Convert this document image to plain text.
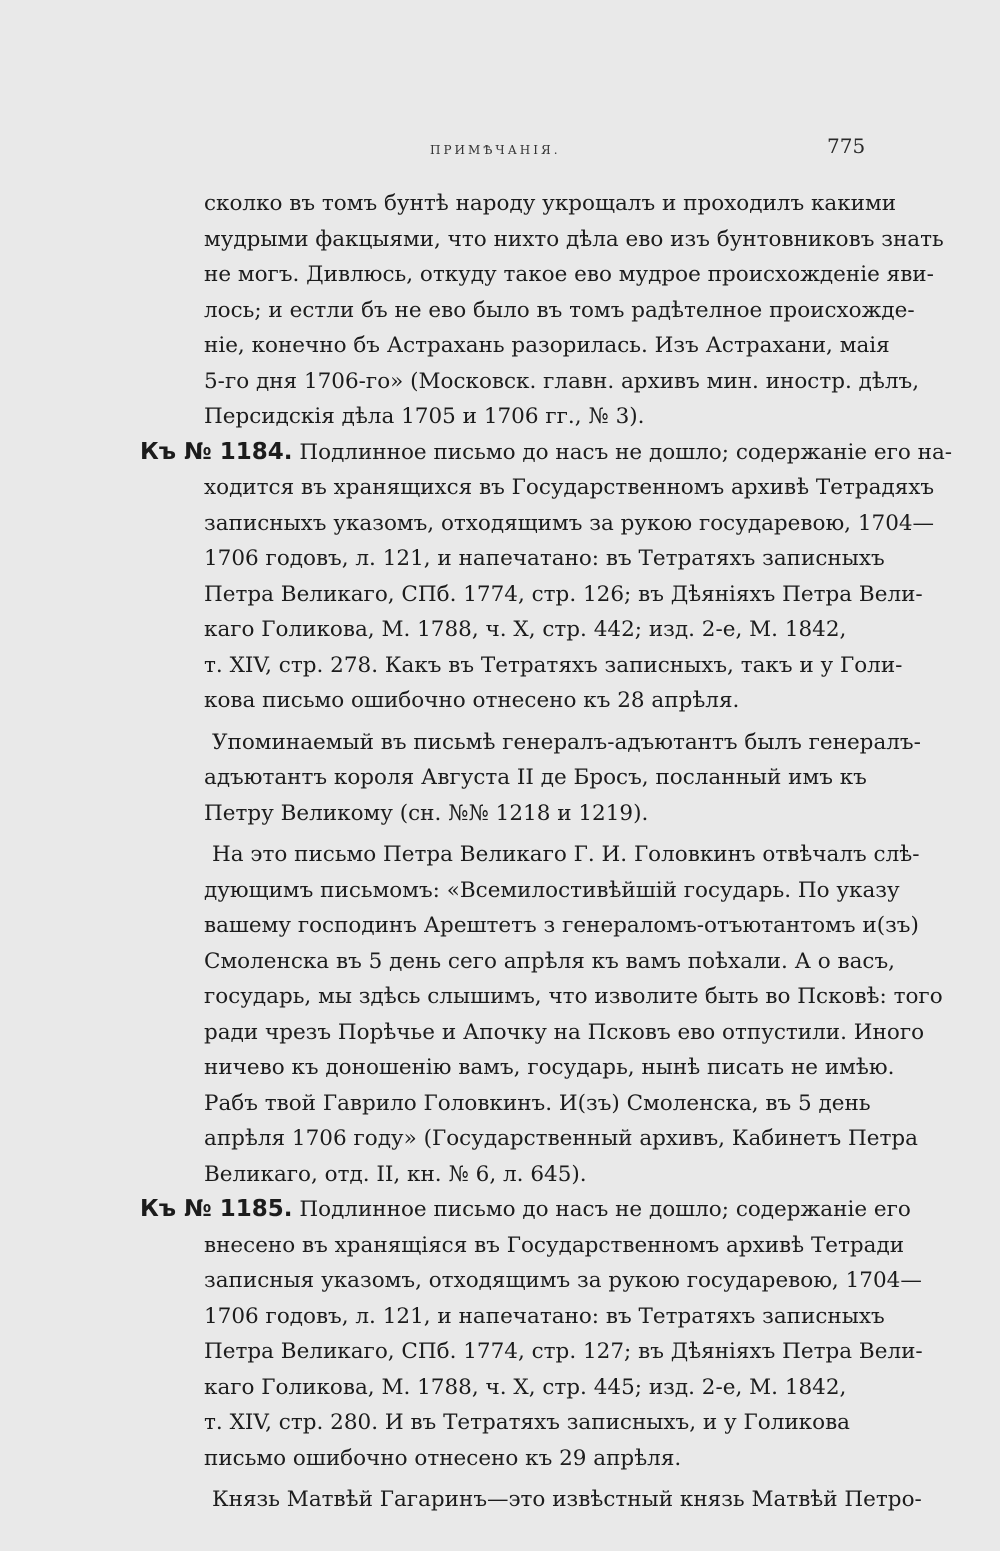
ПРИМѢЧАНІЯ.	775
сколко въ томъ бунтѣ народу укрощалъ и проходилъ какими
мудрыми факцыями, что нихто дѣла ево изъ бунтовниковъ знать
не могъ. Дивлюсь, откуду такое ево мудрое происхожденіе яви-
лось; и естли бъ не ево было въ томъ радѣтелное происхожде-
ніе, конечно бъ Астрахань разорилась. Изъ Астрахани, маія
5-го дня 1706-го» (Московск. главн. архивъ мин. иностр. дѣлъ,
Персидскія дѣла 1705 и 1706 гг., № 3).
Къ № 1184. Подлинное письмо до насъ не дошло; содержаніе его на-
ходится въ хранящихся въ Государственномъ архивѣ Тетрадяхъ
записныхъ указомъ, отходящимъ за рукою государевою, 1704—
1706 годовъ, л. 121, и напечатано: въ Тетратяхъ записныхъ
Петра Великаго, СПб. 1774, стр. 126; въ Дѣяніяхъ Петра Вели-
каго Голикова, М. 1788, ч. X, стр. 442; изд. 2-е, М. 1842,
т. XIV, стр. 278. Какъ въ Тетратяхъ записныхъ, такъ и у Голи-
кова письмо ошибочно отнесено къ 28 апрѣля.
Упоминаемый въ письмѣ генералъ-адъютантъ былъ генералъ-
адъютантъ короля Августа II де Бросъ, посланный имъ къ
Петру Великому (сн. №№ 1218 и 1219).
На это письмо Петра Великаго Г. И. Головкинъ отвѣчалъ слѣ-
дующимъ письмомъ: «Всемилостивѣйшій государь. По указу
вашему господинъ Арештетъ з генераломъ-отъютантомъ и(зъ)
Смоленска въ 5 день сего апрѣля къ вамъ поѣхали. А о васъ,
государь, мы здѣсь слышимъ, что изволите быть во Псковѣ: того
ради чрезъ Порѣчье и Апочку на Псковъ ево отпустили. Иного
ничево къ доношенію вамъ, государь, нынѣ писать не имѣю.
Рабъ твой Гаврило Головкинъ. И(зъ) Смоленска, въ 5 день
апрѣля 1706 году» (Государственный архивъ, Кабинетъ Петра
Великаго, отд. II, кн. № 6, л. 645).
Къ № 1185. Подлинное письмо до насъ не дошло; содержаніе его
внесено въ хранящіяся въ Государственномъ архивѣ Тетради
записныя указомъ, отходящимъ за рукою государевою, 1704—
1706 годовъ, л. 121, и напечатано: въ Тетратяхъ записныхъ
Петра Великаго, СПб. 1774, стр. 127; въ Дѣяніяхъ Петра Вели-
каго Голикова, М. 1788, ч. X, стр. 445; изд. 2-е, М. 1842,
т. XIV, стр. 280. И въ Тетратяхъ записныхъ, и у Голикова
письмо ошибочно отнесено къ 29 апрѣля.
Князь Матвѣй Гагаринъ—это извѣстный князь Матвѣй Петро-
